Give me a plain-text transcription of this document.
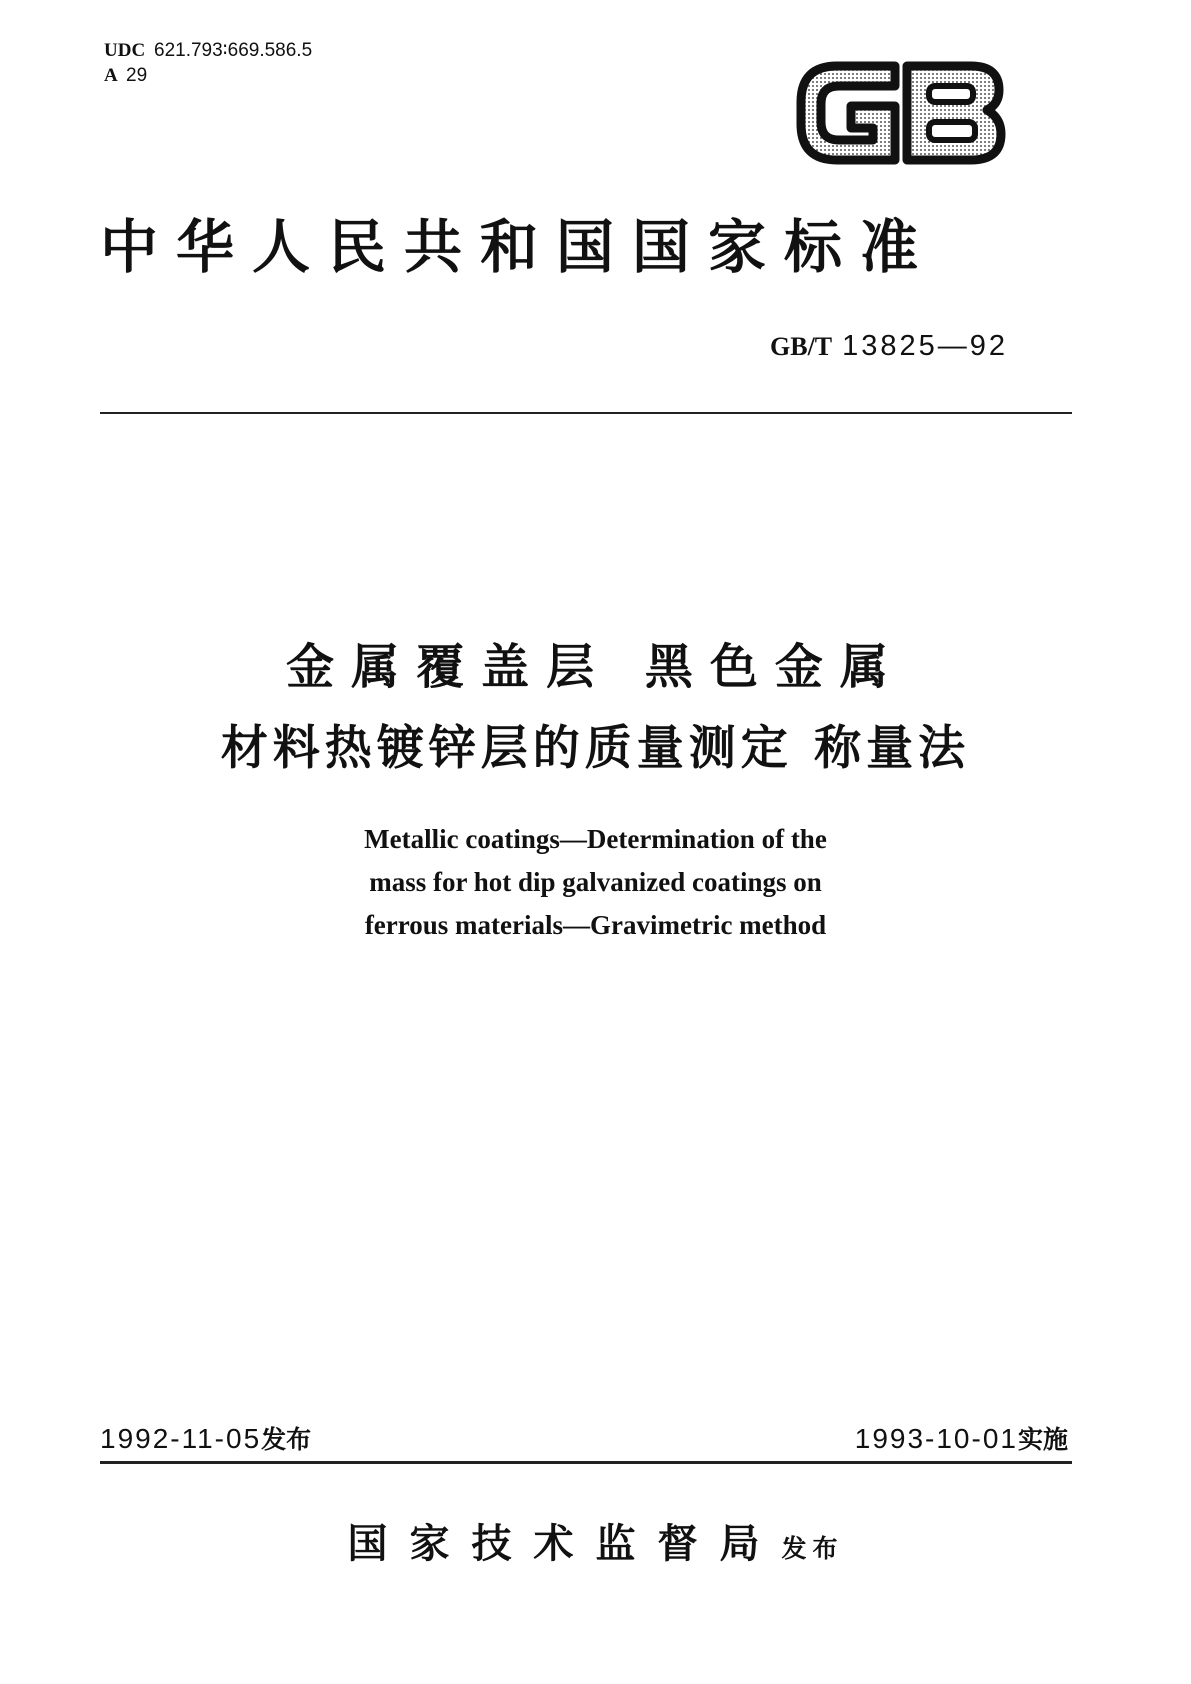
UDC 621.793∶669.586.5
A 29
中华人民共和国国家标准
GB/T 13825—92
金属覆盖层 黑色金属
材料热镀锌层的质量测定 称量法
Metallic coatings—Determination of the
mass for hot dip galvanized coatings on
ferrous materials—Gravimetric method
1992-11-05发布	1993-10-01实施
国家技术监督局发布
